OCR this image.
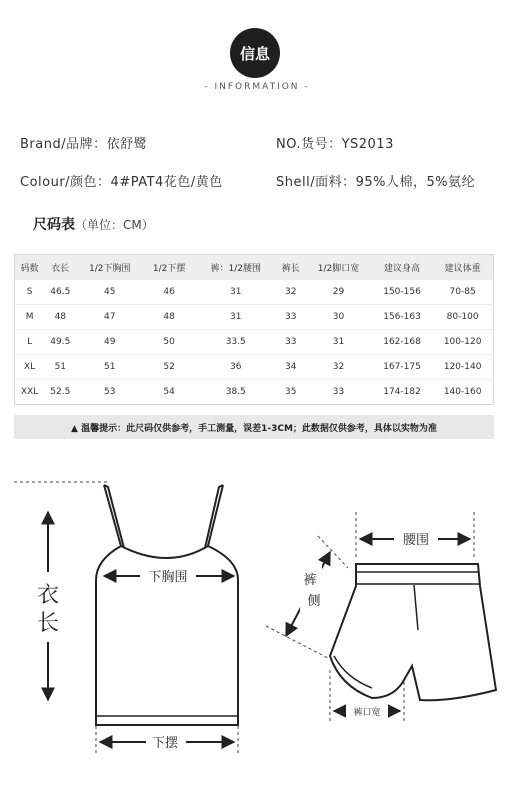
信息
- INFORMATION -
Brand/品牌：依舒鹭	NO.货号：YS2013
Colour/颜色：4#PAT4花色/黄色	Shell/面料：95%人棉，5%氨纶
尺码表（单位：CM）
码数	衣长	1/2下胸围	1/2下摆	裤：1/2腰围	裤长	1/2脚口宽	建议身高	建议体重
S	46.5	45	46	31	32	29	150-156	70-85
M	48	47	48	31	33	30	156-163	80-100
L	49.5	49	50	33.5	33	31	162-168	100-120
XL	51	51	52	36	34	32	167-175	120-140
XXL	52.5	53	54	38.5	35	33	174-182	140-160
▲ 温馨提示：此尺码仅供参考，手工测量，误差1-3CM；此数据仅供参考，具体以实物为准
衣
长
下胸围
下摆
腰围
裤
侧
裤口宽
